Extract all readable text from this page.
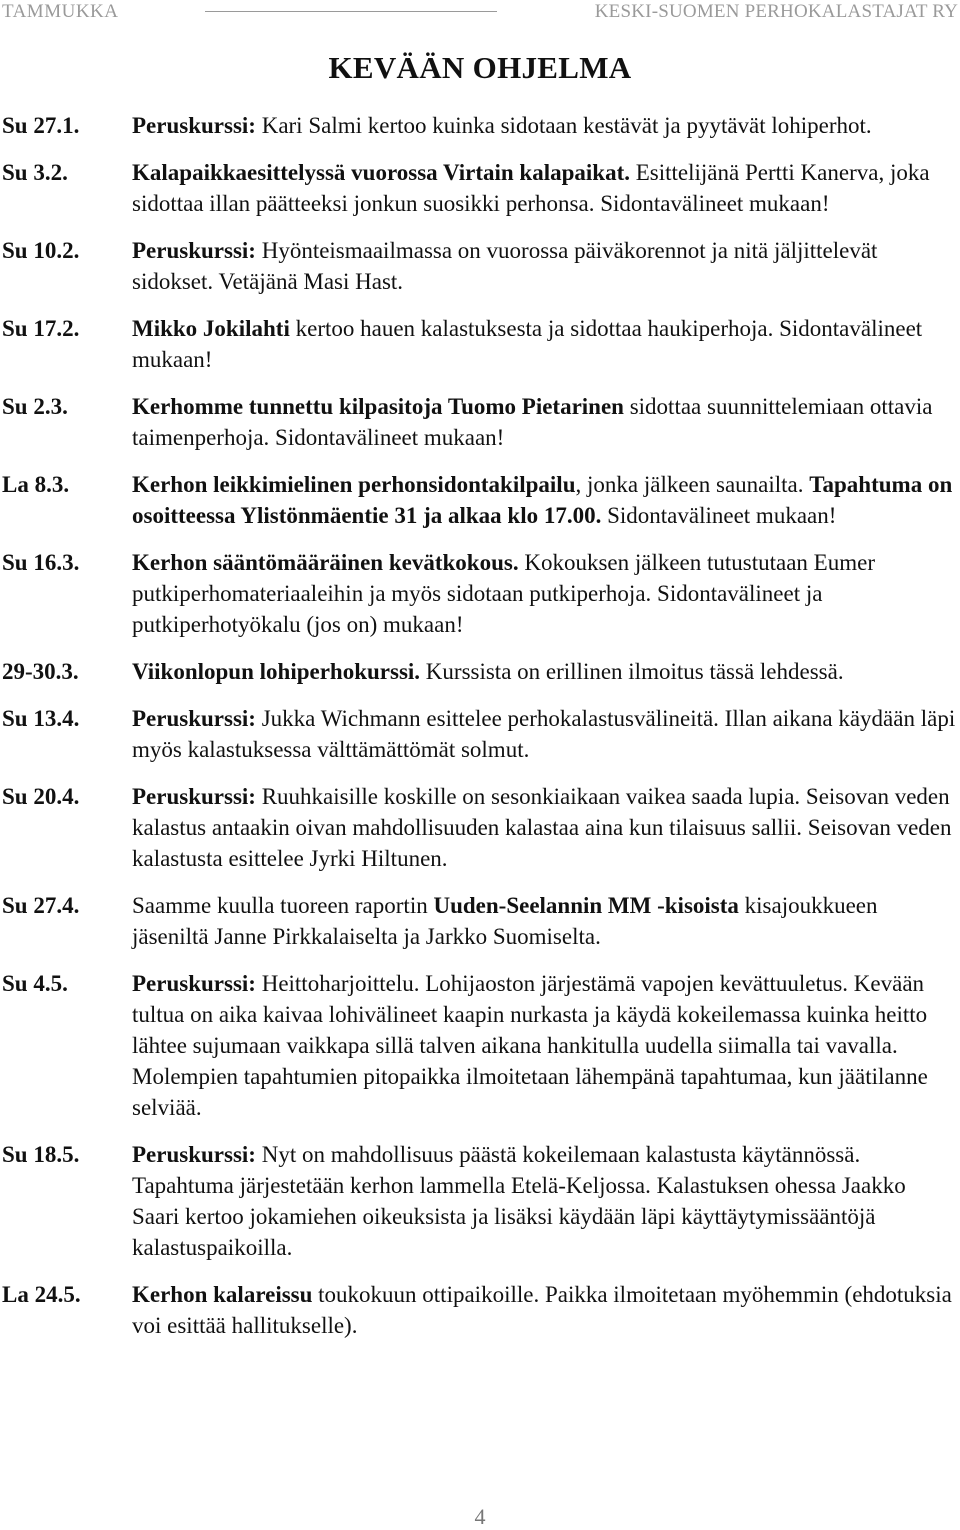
TAMMUKKA	KESKI-SUOMEN PERHOKALASTAJAT RY
KEVÄÄN OHJELMA
Su 27.1.	Peruskurssi: Kari Salmi kertoo kuinka sidotaan kestävät ja pyytävät lohiperhot.
Su 3.2.	Kalapaikkaesittelyssä vuorossa Virtain kalapaikat. Esittelijänä Pertti Kanerva, joka sidottaa illan päätteeksi jonkun suosikki perhonsa. Sidontavälineet mukaan!
Su 10.2.	Peruskurssi: Hyönteismaailmassa on vuorossa päiväkorennot ja nitä jäljittelevät sidokset. Vetäjänä Masi Hast.
Su 17.2.	Mikko Jokilahti kertoo hauen kalastuksesta ja sidottaa haukiperhoja. Sidontavälineet mukaan!
Su 2.3.	Kerhomme tunnettu kilpasitoja Tuomo Pietarinen sidottaa suunnittelemiaan ottavia taimenperhoja. Sidontavälineet mukaan!
La 8.3.	Kerhon leikkimielinen perhonsidontakilpailu, jonka jälkeen saunailta. Tapahtuma on osoitteessa Ylistönmäentie 31 ja alkaa klo 17.00. Sidontavälineet mukaan!
Su 16.3.	Kerhon sääntömääräinen kevätkokous. Kokouksen jälkeen tutustutaan Eumer putkiperhomateriaaleihin ja myös sidotaan putkiperhoja. Sidontavälineet ja putkiperhotyökalu (jos on) mukaan!
29-30.3.	Viikonlopun lohiperhokurssi. Kurssista on erillinen ilmoitus tässä lehdessä.
Su 13.4.	Peruskurssi: Jukka Wichmann esittelee perhokalastusvälineitä. Illan aikana käydään läpi myös kalastuksessa välttämättömät solmut.
Su 20.4.	Peruskurssi: Ruuhkaisille koskille on sesonkiaikaan vaikea saada lupia. Seisovan veden kalastus antaakin oivan mahdollisuuden kalastaa aina kun tilaisuus sallii. Seisovan veden kalastusta esittelee Jyrki Hiltunen.
Su 27.4.	Saamme kuulla tuoreen raportin Uuden-Seelannin MM -kisoista kisajoukkueen jäseniltä Janne Pirkkalaiselta ja Jarkko Suomiselta.
Su 4.5.	Peruskurssi: Heittoharjoittelu. Lohijaoston järjestämä vapojen kevättuuletus. Kevään tultua on aika kaivaa lohivälineet kaapin nurkasta ja käydä kokeilemassa kuinka heitto lähtee sujumaan vaikkapa sillä talven aikana hankitulla uudella siimalla tai vavalla. Molempien tapahtumien pitopaikka ilmoitetaan lähempänä tapahtumaa, kun jäätilanne selviää.
Su 18.5.	Peruskurssi: Nyt on mahdollisuus päästä kokeilemaan kalastusta käytännössä. Tapahtuma järjestetään kerhon lammella Etelä-Keljossa. Kalastuksen ohessa Jaakko Saari kertoo jokamiehen oikeuksista ja lisäksi käydään läpi käyttäytymissääntöjä kalastuspaikoilla.
La 24.5.	Kerhon kalareissu toukokuun ottipaikoille. Paikka ilmoitetaan myöhemmin (ehdotuksia voi esittää hallitukselle).
4
